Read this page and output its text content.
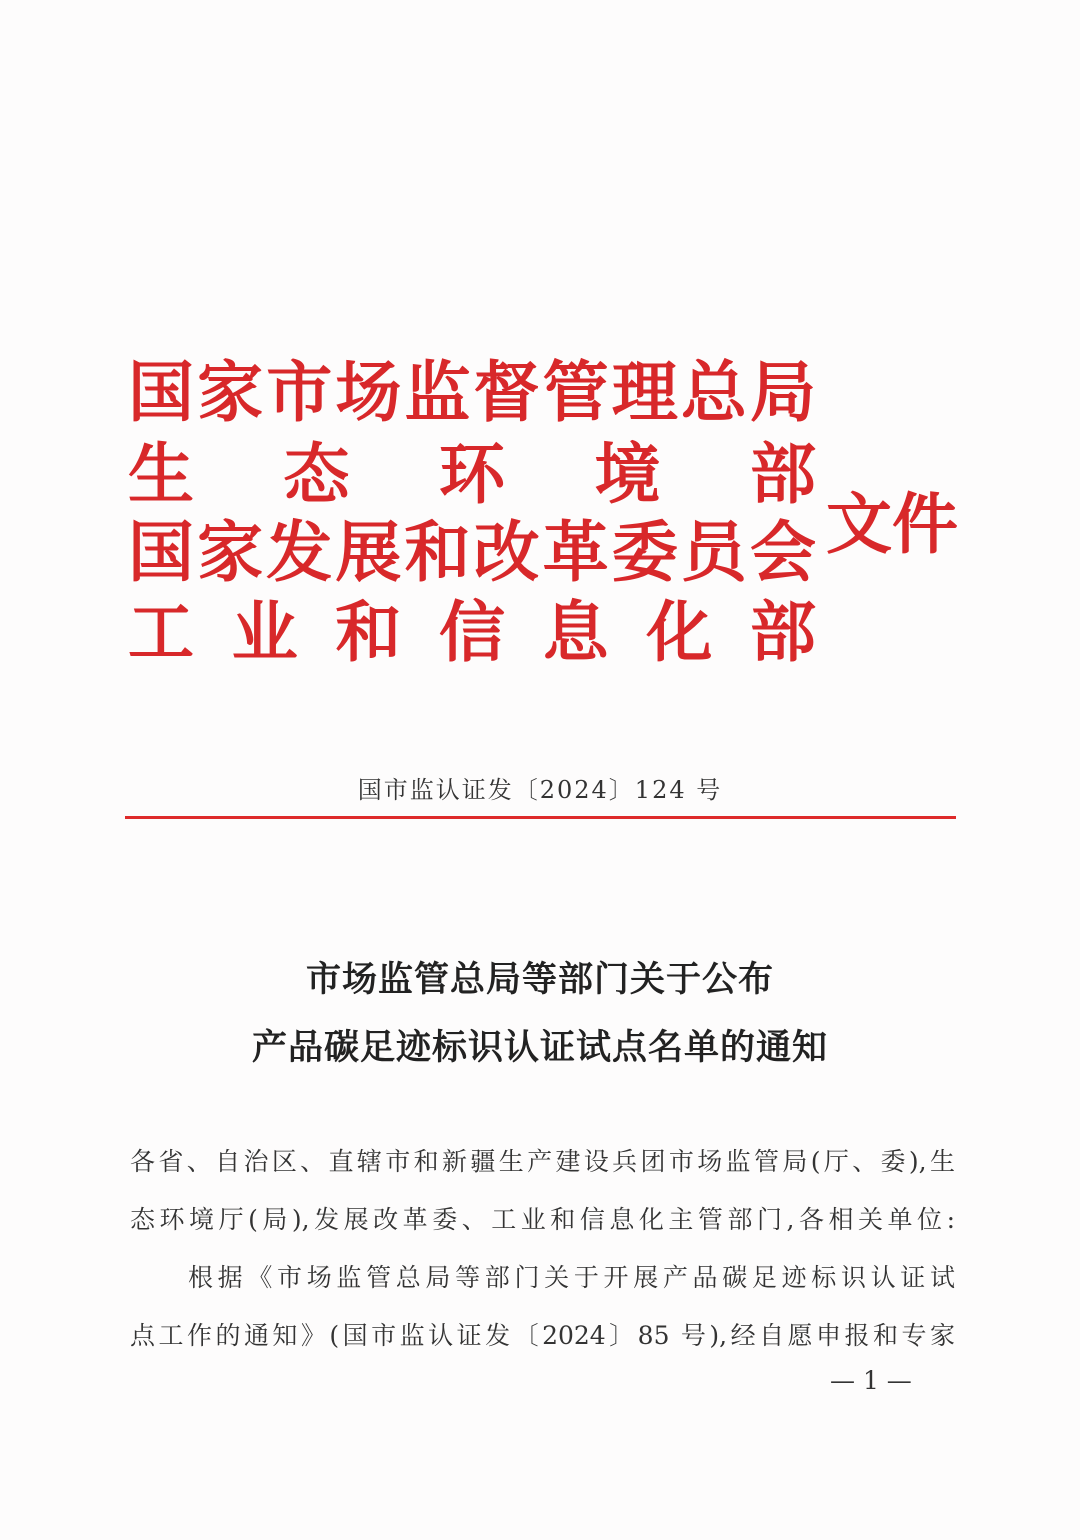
国家市场监督管理总局
生态环境部
国家发展和改革委员会
工业和信息化部
文件
国市监认证发〔2024〕124 号
市场监管总局等部门关于公布
产品碳足迹标识认证试点名单的通知
各省、自治区、直辖市和新疆生产建设兵团市场监管局(厅、委),生
态环境厅(局),发展改革委、工业和信息化主管部门,各相关单位:
根据《市场监管总局等部门关于开展产品碳足迹标识认证试
点工作的通知》(国市监认证发〔2024〕85 号),经自愿申报和专家
— 1 —
